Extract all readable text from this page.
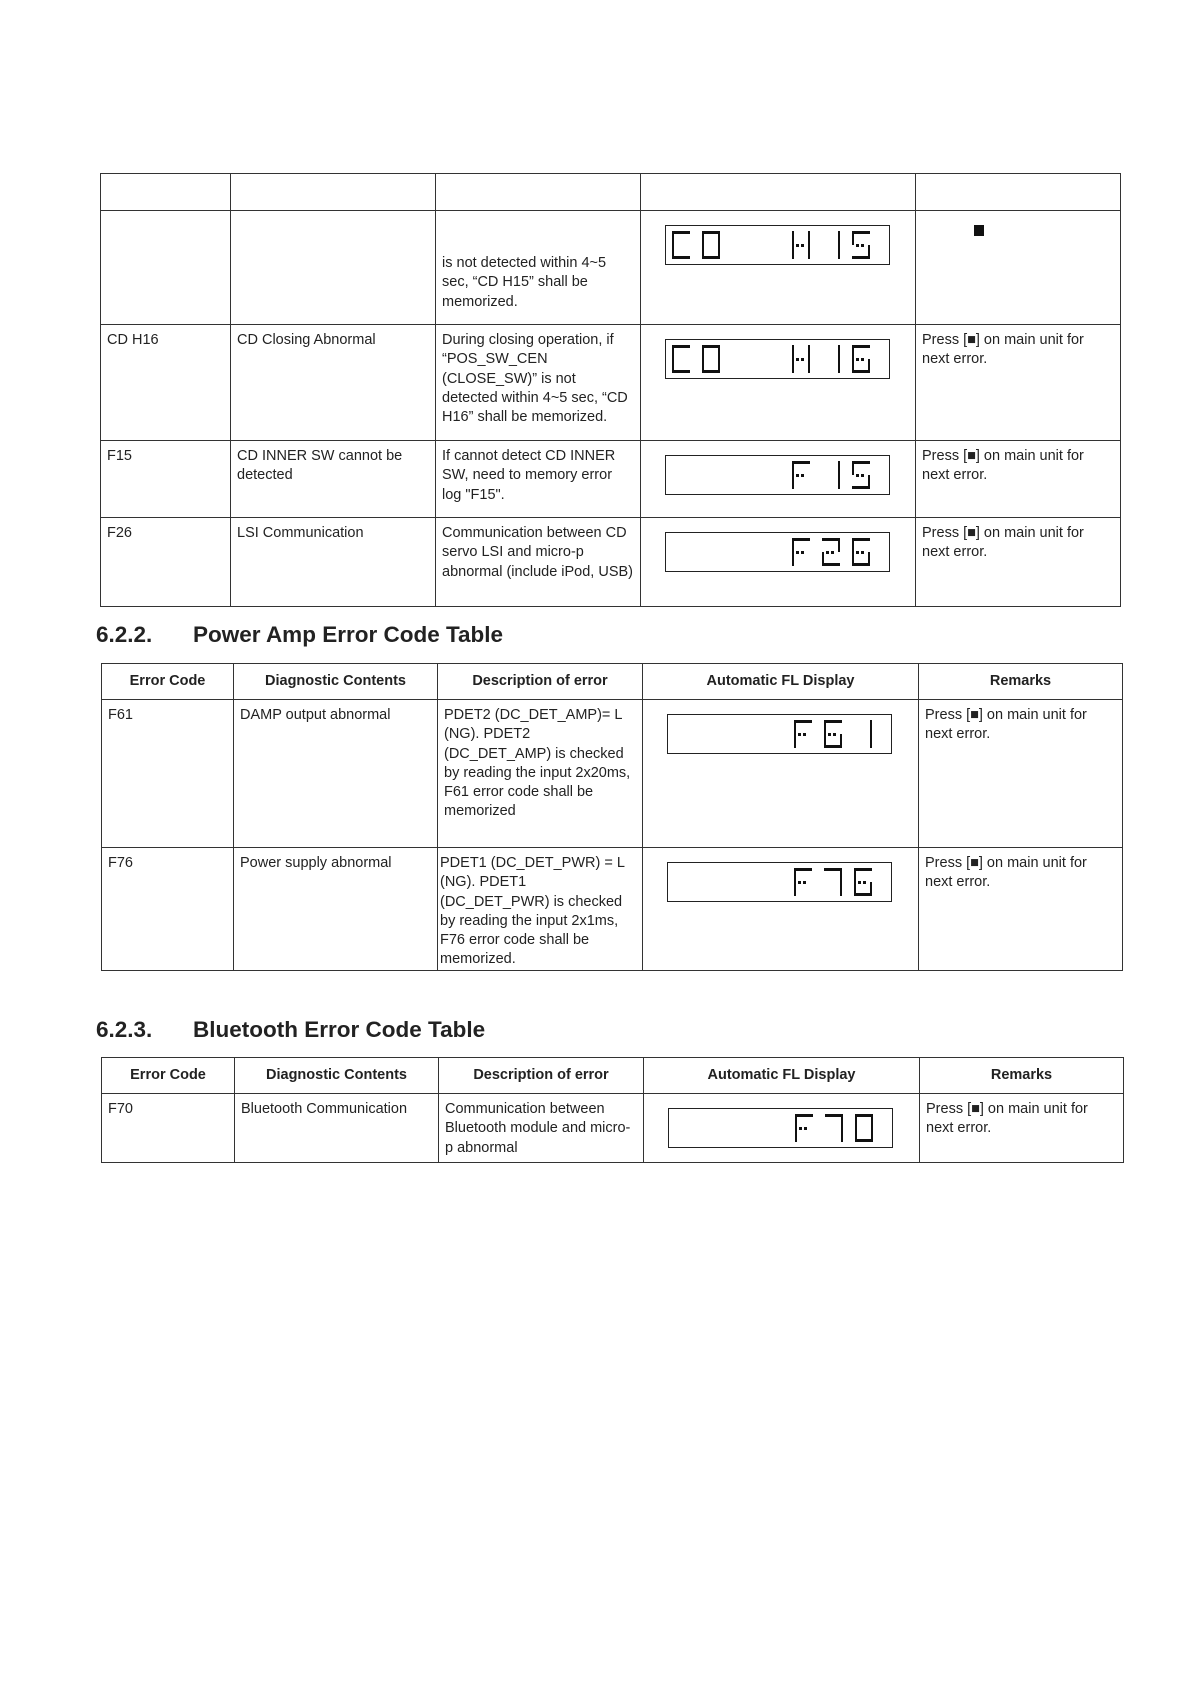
		is not detected within 4~5 sec, “CD H15” shall be memorized.	

CD H16	CD Closing Abnormal	During closing operation, if “POS_SW_CEN (CLOSE_SW)” is not detected within 4~5 sec, “CD H16” shall be memorized.		Press [■] on main unit for next error.
F15	CD INNER SW cannot be detected	If cannot detect CD INNER SW, need to memory error log "F15".		Press [■] on main unit for next error.
F26	LSI Communication	Communication between CD servo LSI and micro-p abnormal (include iPod, USB)		Press [■] on main unit for next error.
6.2.2. Power Amp Error Code Table
Error Code	Diagnostic Contents	Description of error	Automatic FL Display	Remarks
F61	DAMP output abnormal	PDET2 (DC_DET_AMP)= L (NG). PDET2 (DC_DET_AMP) is checked by reading the input 2x20ms, F61 error code shall be memorized		Press [■] on main unit for next error.
F76	Power supply abnormal	PDET1 (DC_DET_PWR) = L (NG). PDET1 (DC_DET_PWR) is checked by reading the input 2x1ms, F76 error code shall be memorized.		Press [■] on main unit for next error.
6.2.3. Bluetooth Error Code Table
Error Code	Diagnostic Contents	Description of error	Automatic FL Display	Remarks
F70	Bluetooth Communication	Communication between Bluetooth module and micro-p abnormal		Press [■] on main unit for next error.
